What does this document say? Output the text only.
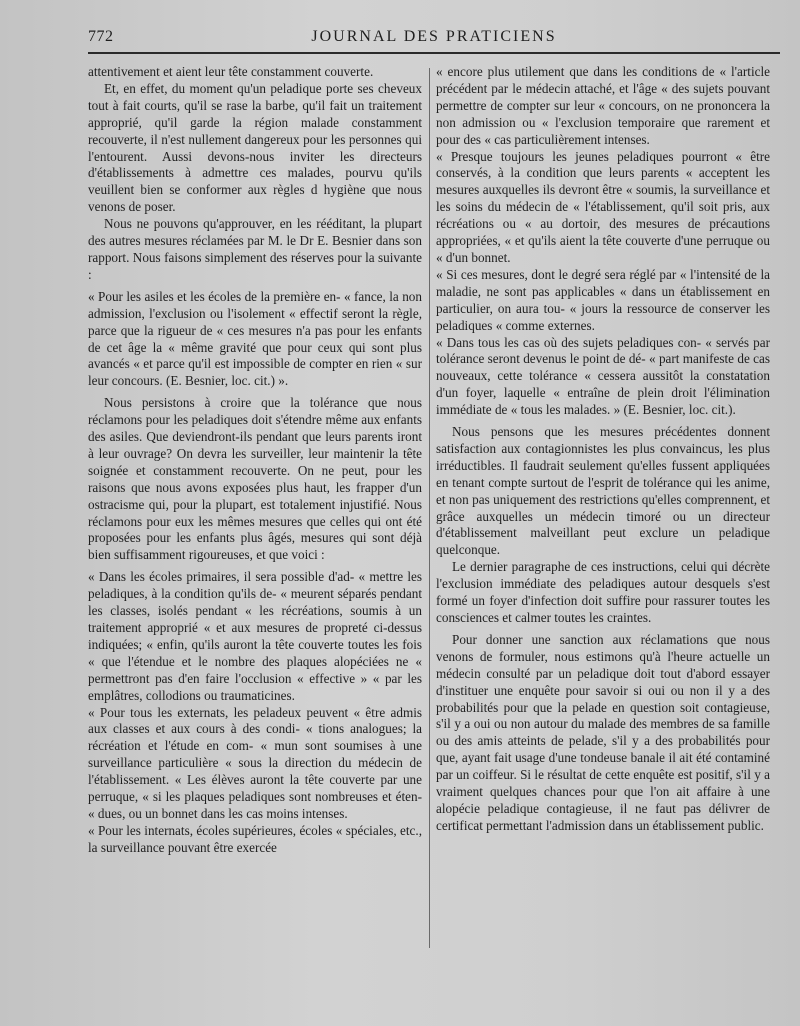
772	JOURNAL DES PRATICIENS

attentivement et aient leur tête constamment couverte.

Et, en effet, du moment qu'un peladique porte ses cheveux tout à fait courts, qu'il se rase la barbe, qu'il fait un traitement approprié, qu'il garde la région malade constamment recouverte, il n'est nullement dangereux pour les personnes qui l'entourent. Aussi devons-nous inviter les directeurs d'établissements à admettre ces malades, pourvu qu'ils veuillent bien se conformer aux règles d hygiène que nous venons de poser.

Nous ne pouvons qu'approuver, en les rééditant, la plupart des autres mesures réclamées par M. le Dr E. Besnier dans son rapport. Nous faisons simplement des réserves pour la suivante :

« Pour les asiles et les écoles de la première en- « fance, la non admission, l'exclusion ou l'isolement « effectif seront la règle, parce que la rigueur de « ces mesures n'a pas pour les enfants de cet âge la « même gravité que pour ceux qui sont plus avancés « et parce qu'il est impossible de compter en rien « sur leur concours. (E. Besnier, loc. cit.) ».

Nous persistons à croire que la tolérance que nous réclamons pour les peladiques doit s'étendre même aux enfants des asiles. Que deviendront-ils pendant que leurs parents iront à leur ouvrage? On devra les surveiller, leur maintenir la tête soignée et constamment recouverte. On ne peut, pour les raisons que nous avons exposées plus haut, les frapper d'un ostracisme qui, pour la plupart, est totalement injustifié. Nous réclamons pour eux les mêmes mesures que celles qui ont été proposées pour les enfants plus âgés, mesures qui sont déjà bien suffisamment rigoureuses, et que voici :

« Dans les écoles primaires, il sera possible d'ad- « mettre les peladiques, à la condition qu'ils de- « meurent séparés pendant les classes, isolés pendant « les récréations, soumis à un traitement approprié « et aux mesures de propreté ci-dessus indiquées; « enfin, qu'ils auront la tête couverte toutes les fois « que l'étendue et le nombre des plaques alopéciées ne « permettront pas d'en faire l'occlusion « effective » « par les emplâtres, collodions ou traumaticines.

« Pour tous les externats, les peladeux peuvent « être admis aux classes et aux cours à des condi- « tions analogues; la récréation et l'étude en com- « mun sont soumises à une surveillance particulière « sous la direction du médecin de l'établissement. « Les élèves auront la tête couverte par une perruque, « si les plaques peladiques sont nombreuses et éten- « dues, ou un bonnet dans les cas moins intenses.

« Pour les internats, écoles supérieures, écoles « spéciales, etc., la surveillance pouvant être exercée

« encore plus utilement que dans les conditions de « l'article précédent par le médecin attaché, et l'âge « des sujets pouvant permettre de compter sur leur « concours, on ne prononcera la non admission ou « l'exclusion temporaire que rarement et pour des « cas particulièrement intenses.

« Presque toujours les jeunes peladiques pourront « être conservés, à la condition que leurs parents « acceptent les mesures auxquelles ils devront être « soumis, la surveillance et les soins du médecin de « l'établissement, qu'il soit pris, aux récréations ou « au dortoir, des mesures de précautions appropriées, « et qu'ils aient la tête couverte d'une perruque ou « d'un bonnet.

« Si ces mesures, dont le degré sera réglé par « l'intensité de la maladie, ne sont pas applicables « dans un établissement en particulier, on aura tou- « jours la ressource de conserver les peladiques « comme externes.

« Dans tous les cas où des sujets peladiques con- « servés par tolérance seront devenus le point de dé- « part manifeste de cas nouveaux, cette tolérance « cessera aussitôt la constatation d'un foyer, laquelle « entraîne de plein droit l'élimination immédiate de « tous les malades. » (E. Besnier, loc. cit.).

Nous pensons que les mesures précédentes donnent satisfaction aux contagionnistes les plus convaincus, les plus irréductibles. Il faudrait seulement qu'elles fussent appliquées en tenant compte surtout de l'esprit de tolérance qui les anime, et non pas uniquement des restrictions qu'elles comprennent, et grâce auxquelles un médecin timoré ou un directeur d'établissement malveillant peut exclure un peladique quelconque.

Le dernier paragraphe de ces instructions, celui qui décrète l'exclusion immédiate des peladiques autour desquels s'est formé un foyer d'infection doit suffire pour rassurer toutes les consciences et calmer toutes les craintes.

Pour donner une sanction aux réclamations que nous venons de formuler, nous estimons qu'à l'heure actuelle un médecin consulté par un peladique doit tout d'abord essayer d'instituer une enquête pour savoir si oui ou non il y a des probabilités pour que la pelade en question soit contagieuse, s'il y a oui ou non autour du malade des membres de sa famille ou des amis atteints de pelade, s'il y a des probabilités pour que, ayant fait usage d'une tondeuse banale il ait été contaminé par un coiffeur. Si le résultat de cette enquête est positif, s'il y a vraiment quelques chances pour que l'on ait affaire à une alopécie peladique contagieuse, il ne faut pas délivrer de certificat permettant l'admission dans un établissement public.
